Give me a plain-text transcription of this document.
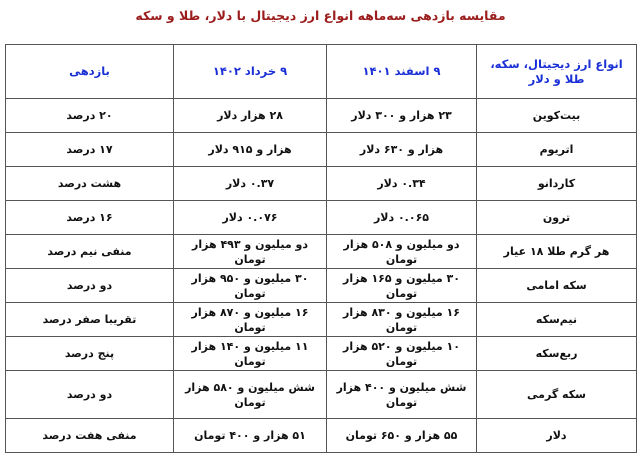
مقایسه بازدهی سه‌ماهه انواع ارز دیجیتال با دلار، طلا و سکه
انواع ارز دیجیتال، سکه، طلا و دلار	۹ اسفند ۱۴۰۱	۹ خرداد ۱۴۰۲	بازدهی
بیت‌کوین	۲۳ هزار و ۳۰۰ دلار	۲۸ هزار دلار	۲۰ درصد
اتریوم	هزار و ۶۳۰ دلار	هزار و ۹۱۵ دلار	۱۷ درصد
کاردانو	۰.۳۴ دلار	۰.۳۷ دلار	هشت درصد
ترون	۰.۰۶۵ دلار	۰.۰۷۶ دلار	۱۶ درصد
هر گرم طلا ۱۸ عیار	دو میلیون و ۵۰۸ هزار تومان	دو میلیون و ۴۹۳ هزار تومان	منفی نیم درصد
سکه امامی	۳۰ میلیون و ۱۶۵ هزار تومان	۳۰ میلیون و ۹۵۰ هزار تومان	دو درصد
نیم‌سکه	۱۶ میلیون و ۸۳۰ هزار تومان	۱۶ میلیون و ۸۷۰ هزار تومان	تقریبا صفر درصد
ربع‌سکه	۱۰ میلیون و ۵۲۰ هزار تومان	۱۱ میلیون و ۱۴۰ هزار تومان	پنج درصد
سکه گرمی	شش میلیون و ۴۰۰ هزار تومان	شش میلیون و ۵۸۰ هزار تومان	دو درصد
دلار	۵۵ هزار و ۶۵۰ تومان	۵۱ هزار و ۴۰۰ تومان	منفی هفت درصد
